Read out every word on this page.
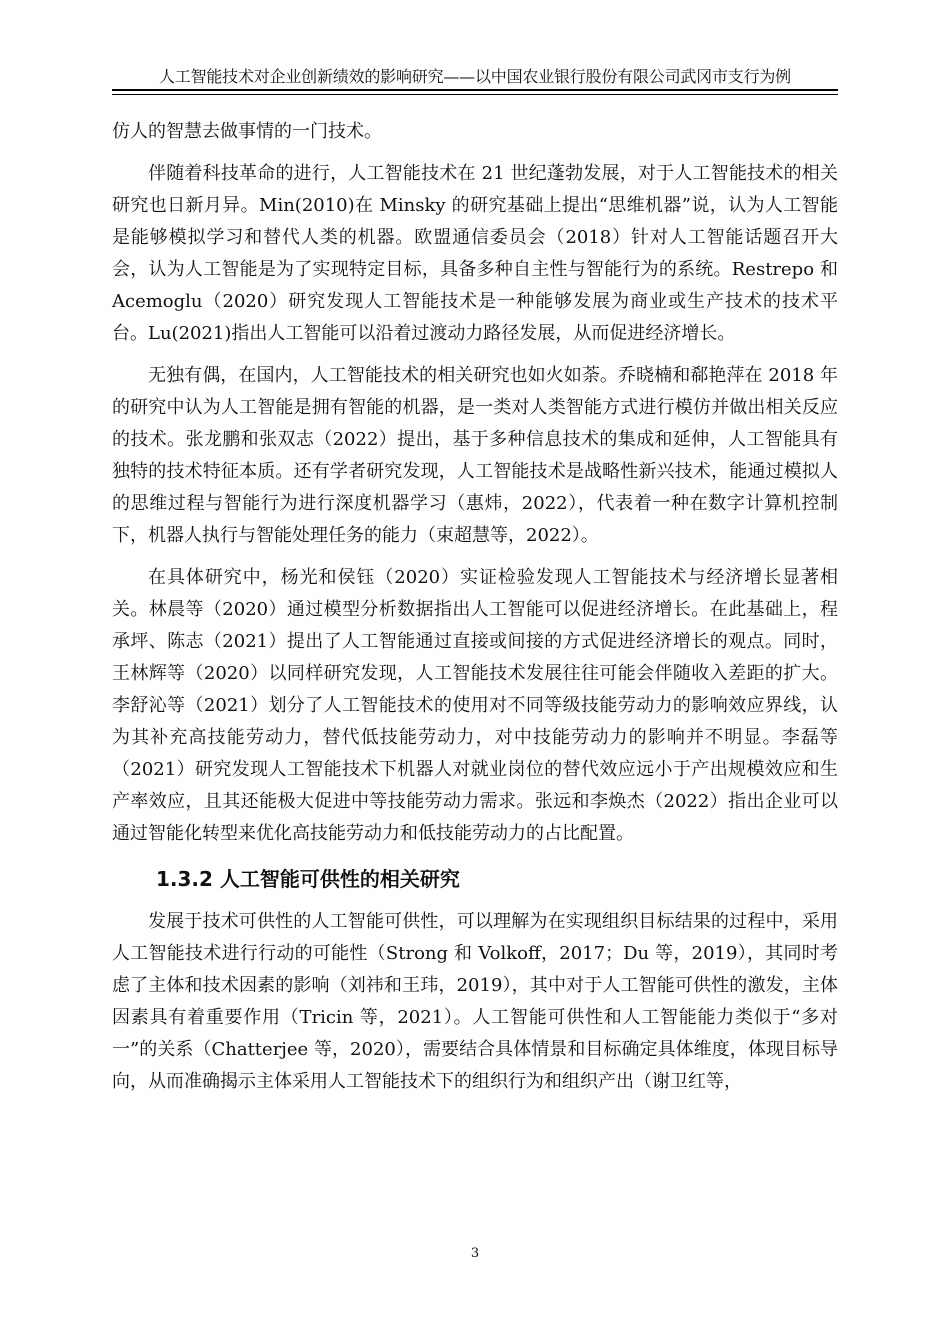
人工智能技术对企业创新绩效的影响研究——以中国农业银行股份有限公司武冈市支行为例

仿人的智慧去做事情的一门技术。

伴随着科技革命的进行，人工智能技术在 21 世纪蓬勃发展，对于人工智能技术的相关研究也日新月异。Min(2010)在 Minsky 的研究基础上提出“思维机器”说，认为人工智能是能够模拟学习和替代人类的机器。欧盟通信委员会（2018）针对人工智能话题召开大会，认为人工智能是为了实现特定目标，具备多种自主性与智能行为的系统。Restrepo 和 Acemoglu（2020）研究发现人工智能技术是一种能够发展为商业或生产技术的技术平台。Lu(2021)指出人工智能可以沿着过渡动力路径发展，从而促进经济增长。

无独有偶，在国内，人工智能技术的相关研究也如火如荼。乔晓楠和郗艳萍在 2018 年的研究中认为人工智能是拥有智能的机器，是一类对人类智能方式进行模仿并做出相关反应的技术。张龙鹏和张双志（2022）提出，基于多种信息技术的集成和延伸，人工智能具有独特的技术特征本质。还有学者研究发现，人工智能技术是战略性新兴技术，能通过模拟人的思维过程与智能行为进行深度机器学习（惠炜，2022），代表着一种在数字计算机控制下，机器人执行与智能处理任务的能力（束超慧等，2022）。

在具体研究中，杨光和侯钰（2020）实证检验发现人工智能技术与经济增长显著相关。林晨等（2020）通过模型分析数据指出人工智能可以促进经济增长。在此基础上，程承坪、陈志（2021）提出了人工智能通过直接或间接的方式促进经济增长的观点。同时，王林辉等（2020）以同样研究发现，人工智能技术发展往往可能会伴随收入差距的扩大。李舒沁等（2021）划分了人工智能技术的使用对不同等级技能劳动力的影响效应界线，认为其补充高技能劳动力，替代低技能劳动力，对中技能劳动力的影响并不明显。李磊等（2021）研究发现人工智能技术下机器人对就业岗位的替代效应远小于产出规模效应和生产率效应，且其还能极大促进中等技能劳动力需求。张远和李焕杰（2022）指出企业可以通过智能化转型来优化高技能劳动力和低技能劳动力的占比配置。

1.3.2 人工智能可供性的相关研究

发展于技术可供性的人工智能可供性，可以理解为在实现组织目标结果的过程中，采用人工智能技术进行行动的可能性（Strong 和 Volkoff，2017；Du 等，2019），其同时考虑了主体和技术因素的影响（刘祎和王玮，2019），其中对于人工智能可供性的激发，主体因素具有着重要作用（Tricin 等，2021）。人工智能可供性和人工智能能力类似于“多对一”的关系（Chatterjee 等，2020），需要结合具体情景和目标确定具体维度，体现目标导向，从而准确揭示主体采用人工智能技术下的组织行为和组织产出（谢卫红等，

3
